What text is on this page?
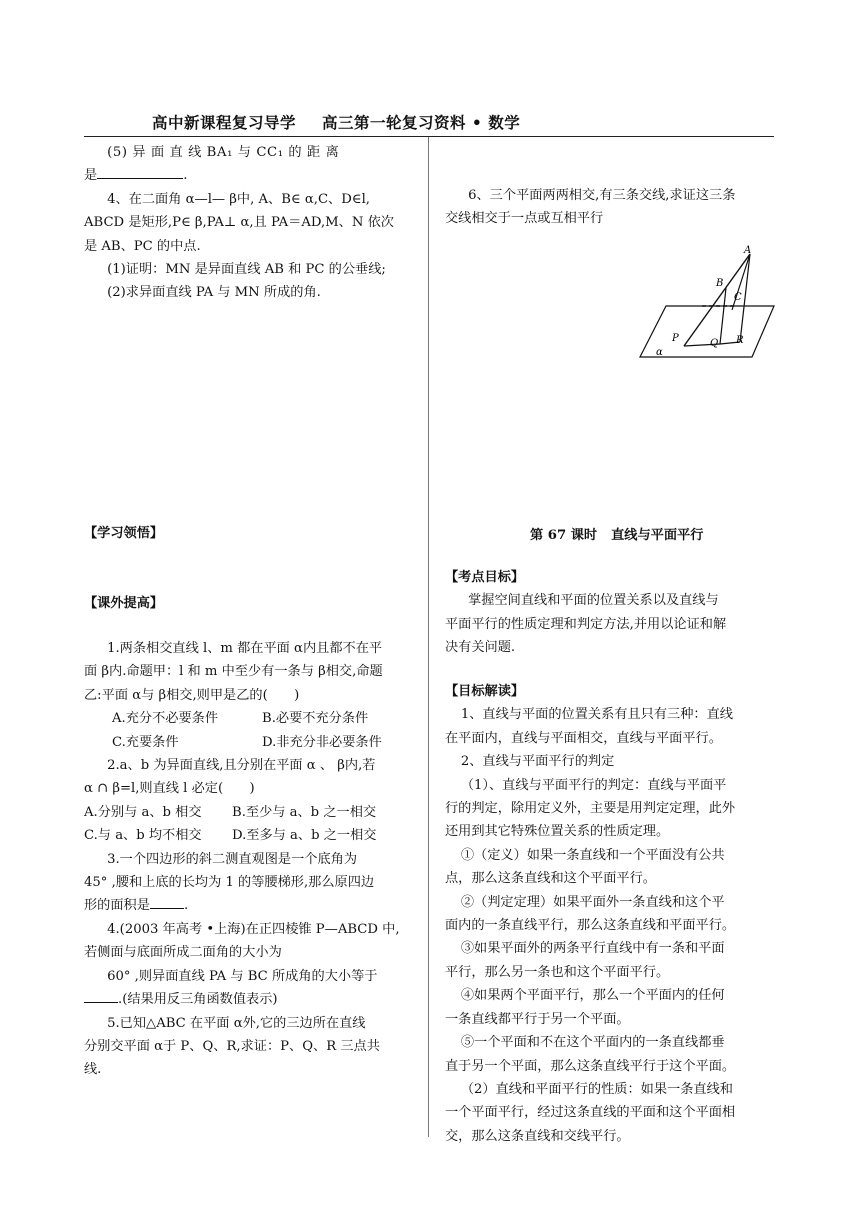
高中新课程复习导学 高三第一轮复习资料 • 数学

(5) 异 面 直 线 BA₁ 与 CC₁ 的 距 离

是	.

4、在二面角 α—l— β中, A、B∈ α,C、D∈l,

ABCD 是矩形,P∈ β,PA⊥ α,且 PA＝AD,M、N 依次

是 AB、PC 的中点.

(1)证明：MN 是异面直线 AB 和 PC 的公垂线;

(2)求异面直线 PA 与 MN 所成的角.

【学习领悟】
【课外提高】

1.两条相交直线 l、m 都在平面 α内且都不在平

面 β内.命题甲：l 和 m 中至少有一条与 β相交,命题

乙:平面 α与 β相交,则甲是乙的(　　)

A.充分不必要条件	B.必要不充分条件

C.充要条件	D.非充分非必要条件

2.a、b 为异面直线,且分别在平面 α 、 β内,若

α ∩ β=l,则直线 l 必定(　　)

A.分别与 a、b 相交 B.至少与 a、b 之一相交

C.与 a、b 均不相交 D.至多与 a、b 之一相交

3.一个四边形的斜二测直观图是一个底角为

45° ,腰和上底的长均为 1 的等腰梯形,那么原四边

形的面积是	.

4.(2003 年高考 •上海)在正四棱锥 P—ABCD 中,

若侧面与底面所成二面角的大小为

60° ,则异面直线 PA 与 BC 所成角的大小等于

.(结果用反三角函数值表示)

5.已知△ABC 在平面 α外,它的三边所在直线

分别交平面 α于 P、Q、R,求证：P、Q、R 三点共

线.

6、三个平面两两相交,有三条交线,求证这三条

交线相交于一点或互相平行

A
B
C
P	Q R
α
第 67 课时 直线与平面平行

【考点目标】

掌握空间直线和平面的位置关系以及直线与

平面平行的性质定理和判定方法,并用以论证和解

决有关问题.

【目标解读】

1、直线与平面的位置关系有且只有三种：直线

在平面内，直线与平面相交，直线与平面平行。

2、直线与平面平行的判定

（1）、直线与平面平行的判定：直线与平面平

行的判定，除用定义外，主要是用判定定理，此外

还用到其它特殊位置关系的性质定理。

①（定义）如果一条直线和一个平面没有公共

点，那么这条直线和这个平面平行。

②（判定定理）如果平面外一条直线和这个平

面内的一条直线平行，那么这条直线和平面平行。

③如果平面外的两条平行直线中有一条和平面

平行，那么另一条也和这个平面平行。

④如果两个平面平行，那么一个平面内的任何

一条直线都平行于另一个平面。

⑤一个平面和不在这个平面内的一条直线都垂

直于另一个平面，那么这条直线平行于这个平面。

（2）直线和平面平行的性质：如果一条直线和

一个平面平行，经过这条直线的平面和这个平面相

交，那么这条直线和交线平行。
